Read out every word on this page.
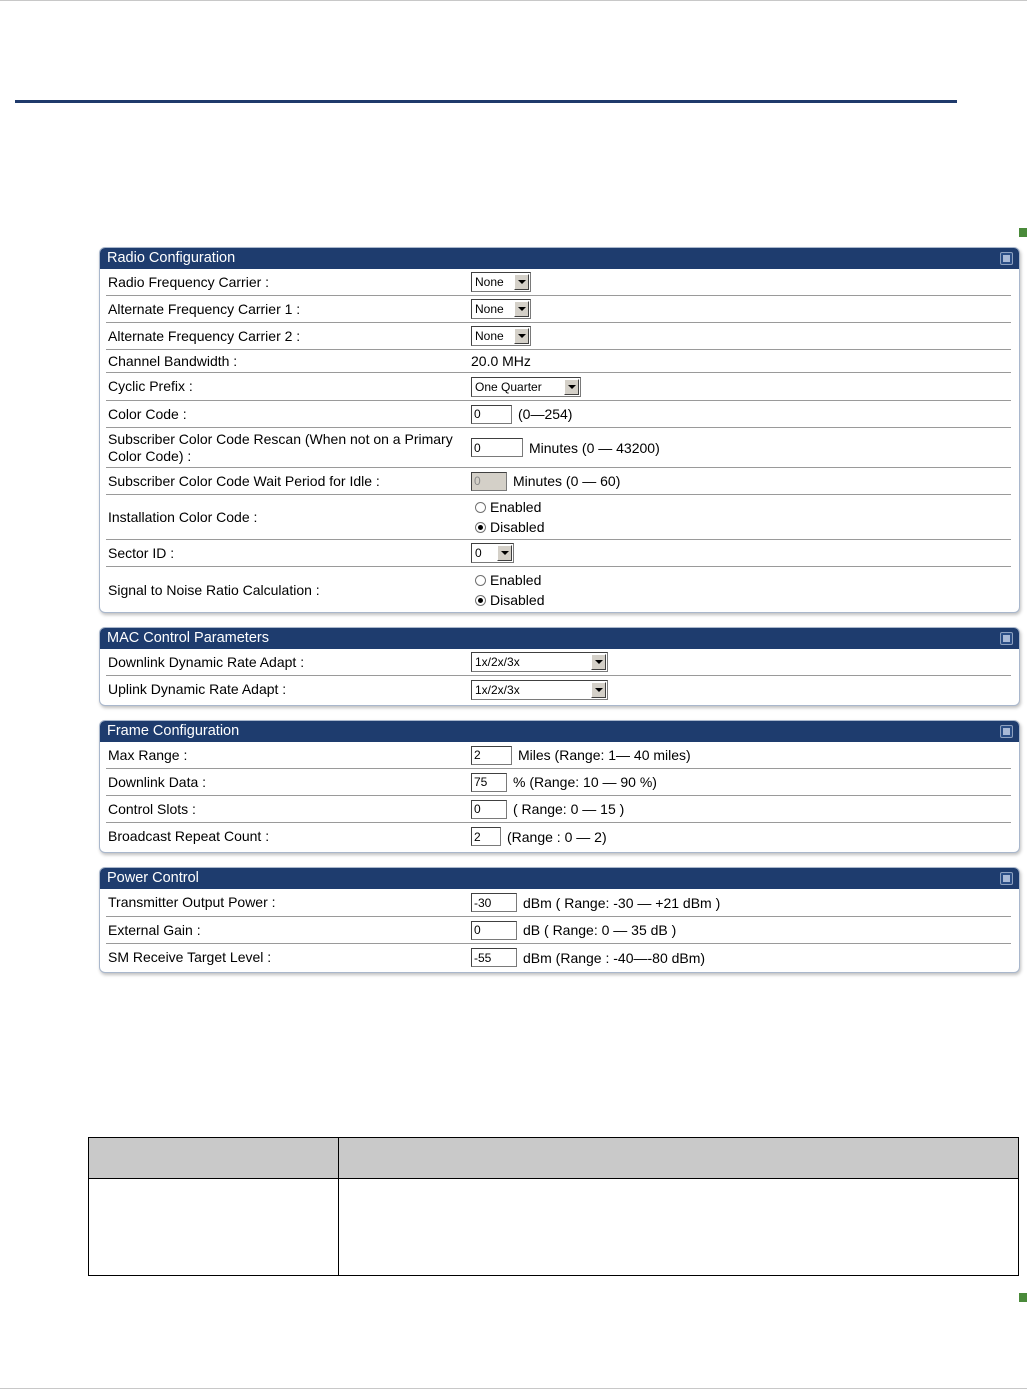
Radio Configuration
Radio Frequency Carrier :	None
Alternate Frequency Carrier 1 :	None
Alternate Frequency Carrier 2 :	None
Channel Bandwidth :	20.0 MHz
Cyclic Prefix :	One Quarter
Color Code :
0	(0—254)
Subscriber Color Code Rescan (When not on a Primary Color Code) :
0	Minutes (0 — 43200)
Subscriber Color Code Wait Period for Idle :
0	Minutes (0 — 60)
Installation Color Code :
Enabled
Disabled
Sector ID :	0
Signal to Noise Ratio Calculation :
Enabled
Disabled
MAC Control Parameters
Downlink Dynamic Rate Adapt :	1x/2x/3x
Uplink Dynamic Rate Adapt :	1x/2x/3x
Frame Configuration
Max Range :
2	Miles (Range: 1— 40 miles)
Downlink Data :
75	% (Range: 10 — 90 %)
Control Slots :
0	( Range: 0 — 15 )
Broadcast Repeat Count :
2	(Range : 0 — 2)
Power Control
Transmitter Output Power :
-30	dBm ( Range: -30 — +21 dBm )
External Gain :
0	dB ( Range: 0 — 35 dB )
SM Receive Target Level :
-55	dBm (Range : -40—-80 dBm)
